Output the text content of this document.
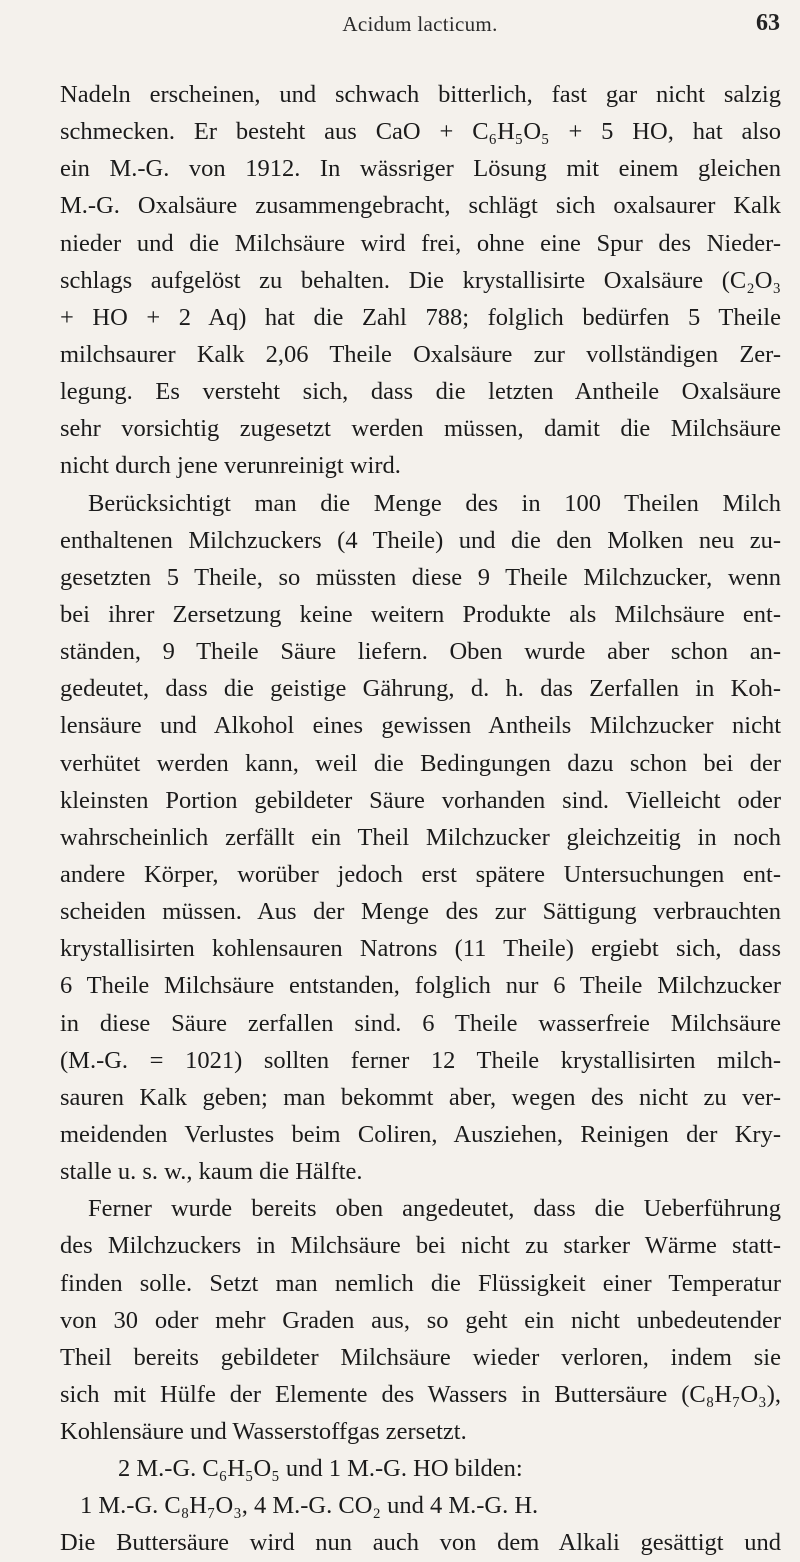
Acidum lacticum.	63
Nadeln erscheinen, und schwach bitterlich, fast gar nicht salzig
schmecken. Er besteht aus CaO + C₆H₅O₅ + 5 HO, hat also
ein M.-G. von 1912. In wässriger Lösung mit einem gleichen
M.-G. Oxalsäure zusammengebracht, schlägt sich oxalsaurer Kalk
nieder und die Milchsäure wird frei, ohne eine Spur des Nieder-
schlags aufgelöst zu behalten. Die krystallisirte Oxalsäure (C₂O₃
+ HO + 2 Aq) hat die Zahl 788; folglich bedürfen 5 Theile
milchsaurer Kalk 2,06 Theile Oxalsäure zur vollständigen Zer-
legung. Es versteht sich, dass die letzten Antheile Oxalsäure
sehr vorsichtig zugesetzt werden müssen, damit die Milchsäure
nicht durch jene verunreinigt wird.
Berücksichtigt man die Menge des in 100 Theilen Milch
enthaltenen Milchzuckers (4 Theile) und die den Molken neu zu-
gesetzten 5 Theile, so müssten diese 9 Theile Milchzucker, wenn
bei ihrer Zersetzung keine weitern Produkte als Milchsäure ent-
ständen, 9 Theile Säure liefern. Oben wurde aber schon an-
gedeutet, dass die geistige Gährung, d. h. das Zerfallen in Koh-
lensäure und Alkohol eines gewissen Antheils Milchzucker nicht
verhütet werden kann, weil die Bedingungen dazu schon bei der
kleinsten Portion gebildeter Säure vorhanden sind. Vielleicht oder
wahrscheinlich zerfällt ein Theil Milchzucker gleichzeitig in noch
andere Körper, worüber jedoch erst spätere Untersuchungen ent-
scheiden müssen. Aus der Menge des zur Sättigung verbrauchten
krystallisirten kohlensauren Natrons (11 Theile) ergiebt sich, dass
6 Theile Milchsäure entstanden, folglich nur 6 Theile Milchzucker
in diese Säure zerfallen sind. 6 Theile wasserfreie Milchsäure
(M.-G. = 1021) sollten ferner 12 Theile krystallisirten milch-
sauren Kalk geben; man bekommt aber, wegen des nicht zu ver-
meidenden Verlustes beim Coliren, Ausziehen, Reinigen der Kry-
stalle u. s. w., kaum die Hälfte.
Ferner wurde bereits oben angedeutet, dass die Ueberführung
des Milchzuckers in Milchsäure bei nicht zu starker Wärme statt-
finden solle. Setzt man nemlich die Flüssigkeit einer Temperatur
von 30 oder mehr Graden aus, so geht ein nicht unbedeutender
Theil bereits gebildeter Milchsäure wieder verloren, indem sie
sich mit Hülfe der Elemente des Wassers in Buttersäure (C₈H₇O₃),
Kohlensäure und Wasserstoffgas zersetzt.
2 M.-G. C₆H₅O₅ und 1 M.-G. HO bilden:
1 M.-G. C₈H₇O₃, 4 M.-G. CO₂ und 4 M.-G. H.
Die Buttersäure wird nun auch von dem Alkali gesättigt und
